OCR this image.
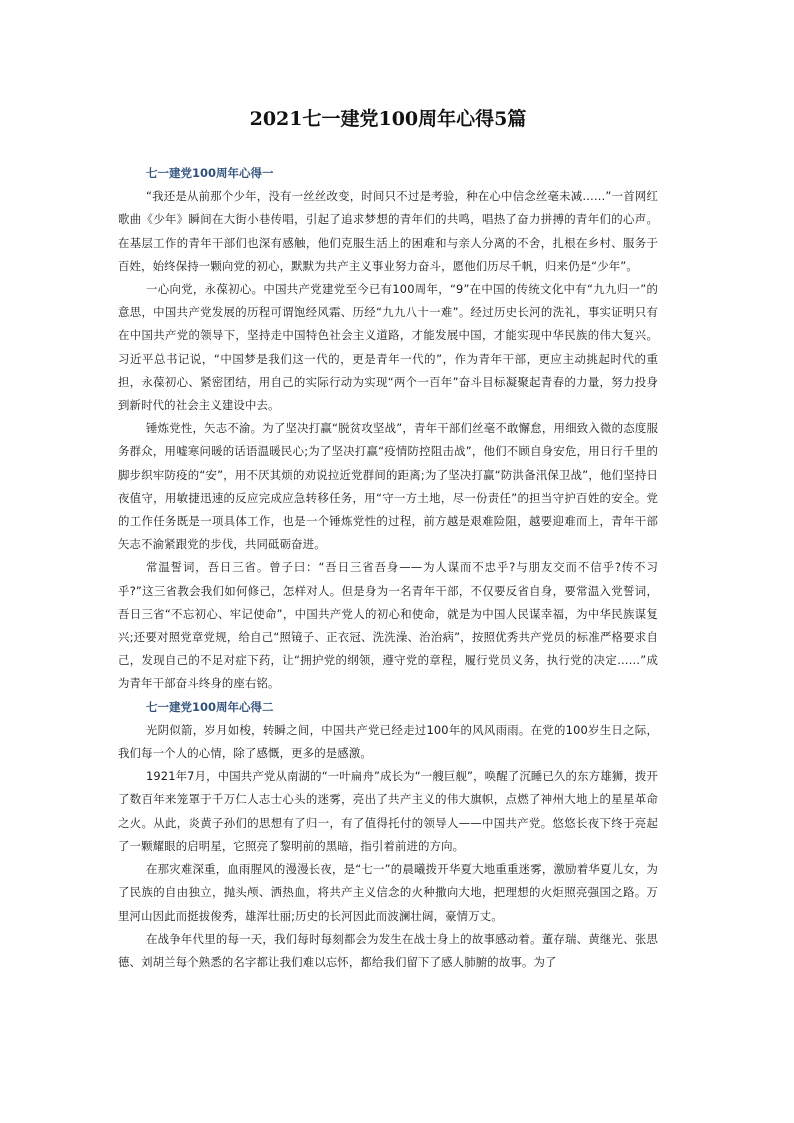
2021七一建党100周年心得5篇

七一建党100周年心得一

“我还是从前那个少年，没有一丝丝改变，时间只不过是考验，种在心中信念丝毫未减……”一首网红歌曲《少年》瞬间在大街小巷传唱，引起了追求梦想的青年们的共鸣，唱热了奋力拼搏的青年们的心声。在基层工作的青年干部们也深有感触，他们克服生活上的困难和与亲人分离的不舍，扎根在乡村、服务于百姓，始终保持一颗向党的初心，默默为共产主义事业努力奋斗，愿他们历尽千帆，归来仍是“少年”。

一心向党，永葆初心。中国共产党建党至今已有100周年，“9”在中国的传统文化中有“九九归一”的意思，中国共产党发展的历程可谓饱经风霜、历经“九九八十一难”。经过历史长河的洗礼，事实证明只有在中国共产党的领导下，坚持走中国特色社会主义道路，才能发展中国，才能实现中华民族的伟大复兴。习近平总书记说，“中国梦是我们这一代的，更是青年一代的”，作为青年干部，更应主动挑起时代的重担，永葆初心、紧密团结，用自己的实际行动为实现“两个一百年”奋斗目标凝聚起青春的力量，努力投身到新时代的社会主义建设中去。

锤炼党性，矢志不渝。为了坚决打赢“脱贫攻坚战”，青年干部们丝毫不敢懈怠，用细致入微的态度服务群众，用嘘寒问暖的话语温暖民心;为了坚决打赢“疫情防控阻击战”，他们不顾自身安危，用日行千里的脚步织牢防疫的“安”，用不厌其烦的劝说拉近党群间的距离;为了坚决打赢“防洪备汛保卫战”，他们坚持日夜值守，用敏捷迅速的反应完成应急转移任务，用“守一方土地，尽一份责任”的担当守护百姓的安全。党的工作任务既是一项具体工作，也是一个锤炼党性的过程，前方越是艰难险阻，越要迎难而上，青年干部矢志不渝紧跟党的步伐，共同砥砺奋进。

常温誓词，吾日三省。曾子曰：“吾日三省吾身——为人谋而不忠乎?与朋友交而不信乎?传不习乎?”这三省教会我们如何修己，怎样对人。但是身为一名青年干部，不仅要反省自身，要常温入党誓词，吾日三省“不忘初心、牢记使命”，中国共产党人的初心和使命，就是为中国人民谋幸福，为中华民族谋复兴;还要对照党章党规，给自己“照镜子、正衣冠、洗洗澡、治治病”，按照优秀共产党员的标准严格要求自己，发现自己的不足对症下药，让“拥护党的纲领，遵守党的章程，履行党员义务，执行党的决定……”成为青年干部奋斗终身的座右铭。

七一建党100周年心得二

光阴似箭，岁月如梭，转瞬之间，中国共产党已经走过100年的风风雨雨。在党的100岁生日之际，我们每一个人的心情，除了感慨，更多的是感激。

1921年7月，中国共产党从南湖的“一叶扁舟”成长为“一艘巨舰”，唤醒了沉睡已久的东方雄狮，拨开了数百年来笼罩于千万仁人志士心头的迷雾，亮出了共产主义的伟大旗帜，点燃了神州大地上的星星革命之火。从此，炎黄子孙们的思想有了归一，有了值得托付的领导人——中国共产党。悠悠长夜下终于亮起了一颗耀眼的启明星，它照亮了黎明前的黑暗，指引着前进的方向。

在那灾难深重，血雨腥风的漫漫长夜，是“七一”的晨曦拨开华夏大地重重迷雾，激励着华夏儿女，为了民族的自由独立，抛头颅、洒热血，将共产主义信念的火种撒向大地，把理想的火炬照亮强国之路。万里河山因此而挺拔俊秀，雄浑壮丽;历史的长河因此而波澜壮阔，豪情万丈。

在战争年代里的每一天，我们每时每刻都会为发生在战士身上的故事感动着。董存瑞、黄继光、张思德、刘胡兰每个熟悉的名字都让我们难以忘怀，都给我们留下了感人肺腑的故事。为了
